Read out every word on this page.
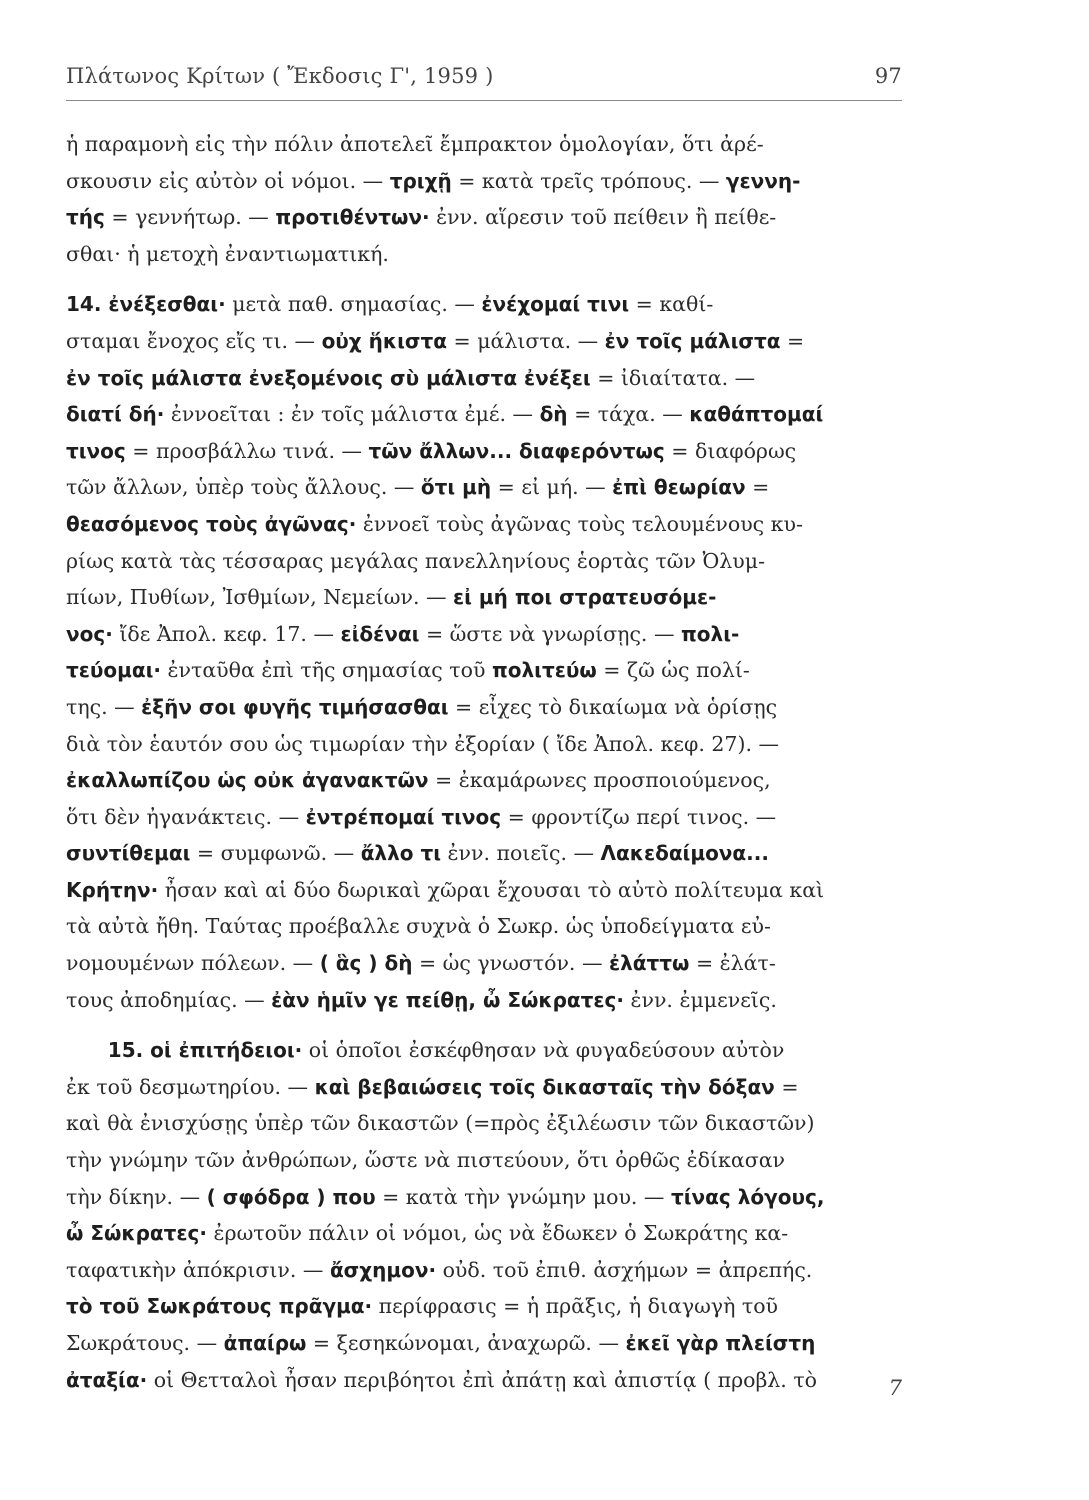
Πλάτωνος Κρίτων ( Ἔκδοσις Γ', 1959 )	97
ἡ παραμονὴ εἰς τὴν πόλιν ἀποτελεῖ ἔμπρακτον ὁμολογίαν, ὅτι ἀρέ-
σκουσιν εἰς αὐτὸν οἱ νόμοι. — τριχῇ = κατὰ τρεῖς τρόπους. — γεννη-
τής = γεννήτωρ. — προτιθέντων· ἐνν. αἵρεσιν τοῦ πείθειν ἢ πείθε-
σθαι· ἡ μετοχὴ ἐναντιωματική.
14. ἐνέξεσθαι· μετὰ παθ. σημασίας. — ἐνέχομαί τινι = καθί-
σταμαι ἔνοχος εἴς τι. — οὐχ ἥκιστα = μάλιστα. — ἐν τοῖς μάλιστα =
ἐν τοῖς μάλιστα ἐνεξομένοις σὺ μάλιστα ἐνέξει = ἰδιαίτατα. —
διατί δή· ἐννοεῖται : ἐν τοῖς μάλιστα ἐμέ. — δὴ = τάχα. — καθάπτομαί
τινος = προσβάλλω τινά. — τῶν ἄλλων... διαφερόντως = διαφόρως
τῶν ἄλλων, ὑπὲρ τοὺς ἄλλους. — ὅτι μὴ = εἰ μή. — ἐπὶ θεωρίαν =
θεασόμενος τοὺς ἀγῶνας· ἐννοεῖ τοὺς ἀγῶνας τοὺς τελουμένους κυ-
ρίως κατὰ τὰς τέσσαρας μεγάλας πανελληνίους ἑορτὰς τῶν Ὀλυμ-
πίων, Πυθίων, Ἰσθμίων, Νεμείων. — εἰ μή ποι στρατευσόμε-
νος· ἴδε Ἀπολ. κεφ. 17. — εἰδέναι = ὥστε νὰ γνωρίσῃς. — πολι-
τεύομαι· ἐνταῦθα ἐπὶ τῆς σημασίας τοῦ πολιτεύω = ζῶ ὡς πολί-
της. — ἐξῆν σοι φυγῆς τιμήσασθαι = εἶχες τὸ δικαίωμα νὰ ὁρίσῃς
διὰ τὸν ἑαυτόν σου ὡς τιμωρίαν τὴν ἐξορίαν ( ἴδε Ἀπολ. κεφ. 27). —
ἐκαλλωπίζου ὡς οὐκ ἀγανακτῶν = ἐκαμάρωνες προσποιούμενος,
ὅτι δὲν ἠγανάκτεις. — ἐντρέπομαί τινος = φροντίζω περί τινος. —
συντίθεμαι = συμφωνῶ. — ἄλλο τι ἐνν. ποιεῖς. — Λακεδαίμονα...
Κρήτην· ἦσαν καὶ αἱ δύο δωρικαὶ χῶραι ἔχουσαι τὸ αὐτὸ πολίτευμα καὶ
τὰ αὐτὰ ἤθη. Ταύτας προέβαλλε συχνὰ ὁ Σωκρ. ὡς ὑποδείγματα εὐ-
νομουμένων πόλεων. — ( ἃς ) δὴ = ὡς γνωστόν. — ἐλάττω = ἐλάτ-
τους ἀποδημίας. — ἐὰν ἡμῖν γε πείθῃ, ὦ Σώκρατες· ἐνν. ἐμμενεῖς.
15. οἱ ἐπιτήδειοι· οἱ ὁποῖοι ἐσκέφθησαν νὰ φυγαδεύσουν αὐτὸν
ἐκ τοῦ δεσμωτηρίου. — καὶ βεβαιώσεις τοῖς δικασταῖς τὴν δόξαν =
καὶ θὰ ἐνισχύσῃς ὑπὲρ τῶν δικαστῶν (=πρὸς ἐξιλέωσιν τῶν δικαστῶν)
τὴν γνώμην τῶν ἀνθρώπων, ὥστε νὰ πιστεύουν, ὅτι ὀρθῶς ἐδίκασαν
τὴν δίκην. — ( σφόδρα ) που = κατὰ τὴν γνώμην μου. — τίνας λόγους,
ὦ Σώκρατες· ἐρωτοῦν πάλιν οἱ νόμοι, ὡς νὰ ἔδωκεν ὁ Σωκράτης κα-
ταφατικὴν ἀπόκρισιν. — ἄσχημον· οὐδ. τοῦ ἐπιθ. ἀσχήμων = ἀπρεπής.
τὸ τοῦ Σωκράτους πρᾶγμα· περίφρασις = ἡ πρᾶξις, ἡ διαγωγὴ τοῦ
Σωκράτους. — ἀπαίρω = ξεσηκώνομαι, ἀναχωρῶ. — ἐκεῖ γὰρ πλείστη
ἀταξία· οἱ Θετταλοὶ ἦσαν περιβόητοι ἐπὶ ἀπάτῃ καὶ ἀπιστίᾳ ( προβλ. τὸ	7
